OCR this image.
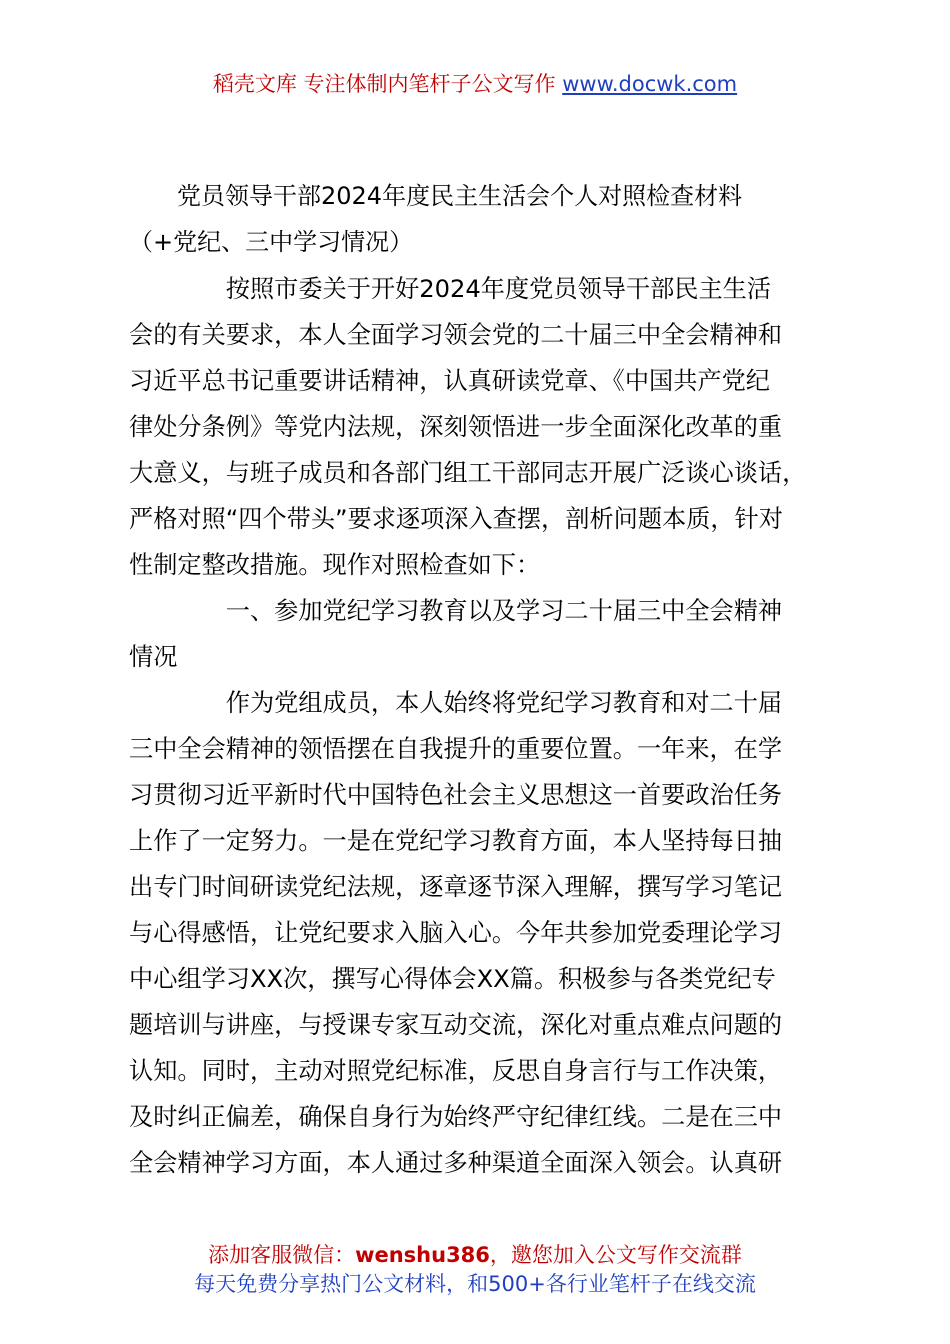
稻壳文库 专注体制内笔杆子公文写作 www.docwk.com
党员领导干部2024年度民主生活会个人对照检查材料
（+党纪、三中学习情况）
　　　　按照市委关于开好2024年度党员领导干部民主生活
会的有关要求，本人全面学习领会党的二十届三中全会精神和
习近平总书记重要讲话精神，认真研读党章、《中国共产党纪
律处分条例》等党内法规，深刻领悟进一步全面深化改革的重
大意义，与班子成员和各部门组工干部同志开展广泛谈心谈话，
严格对照“四个带头”要求逐项深入查摆，剖析问题本质，针对
性制定整改措施。现作对照检查如下：
　　　　一、参加党纪学习教育以及学习二十届三中全会精神
情况
　　　　作为党组成员，本人始终将党纪学习教育和对二十届
三中全会精神的领悟摆在自我提升的重要位置。一年来，在学
习贯彻习近平新时代中国特色社会主义思想这一首要政治任务
上作了一定努力。一是在党纪学习教育方面，本人坚持每日抽
出专门时间研读党纪法规，逐章逐节深入理解，撰写学习笔记
与心得感悟，让党纪要求入脑入心。今年共参加党委理论学习
中心组学习XX次，撰写心得体会XX篇。积极参与各类党纪专
题培训与讲座，与授课专家互动交流，深化对重点难点问题的
认知。同时，主动对照党纪标准，反思自身言行与工作决策，
及时纠正偏差，确保自身行为始终严守纪律红线。二是在三中
全会精神学习方面，本人通过多种渠道全面深入领会。认真研
添加客服微信：wenshu386，邀您加入公文写作交流群
每天免费分享热门公文材料，和500+各行业笔杆子在线交流
